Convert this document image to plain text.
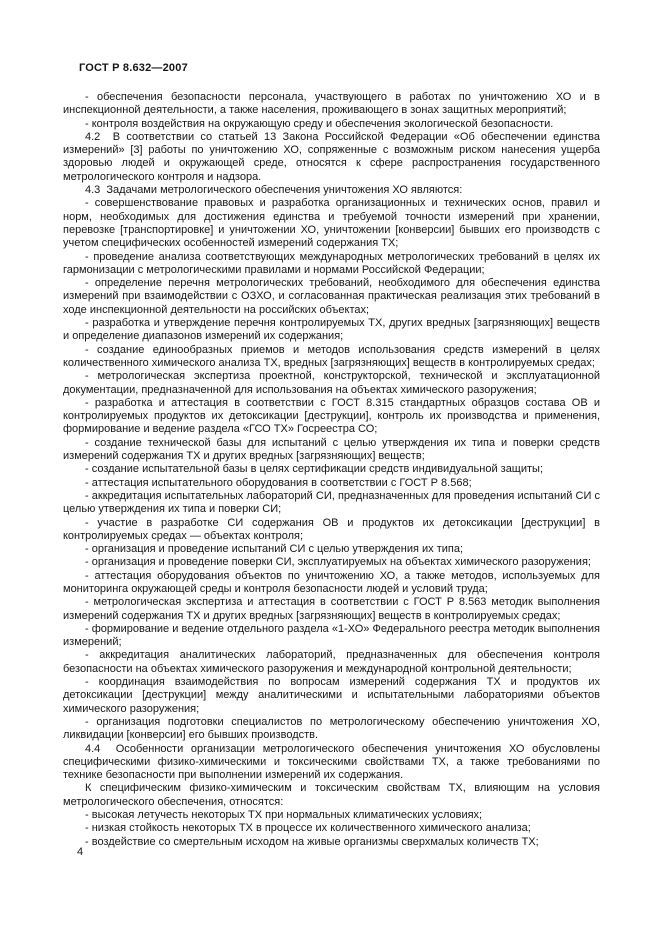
ГОСТ Р 8.632—2007

- обеспечения безопасности персонала, участвующего в работах по уничтожению ХО и в инспекционной деятельности, а также населения, проживающего в зонах защитных мероприятий;

- контроля воздействия на окружающую среду и обеспечения экологической безопасности.

4.2  В соответствии со статьей 13 Закона Российской Федерации «Об обеспечении единства измерений» [3] работы по уничтожению ХО, сопряженные с возможным риском нанесения ущерба здоровью людей и окружающей среде, относятся к сфере распространения государственного метрологического контроля и надзора.

4.3  Задачами метрологического обеспечения уничтожения ХО являются:

- совершенствование правовых и разработка организационных и технических основ, правил и норм, необходимых для достижения единства и требуемой точности измерений при хранении, перевозке [транспортировке] и уничтожении ХО, уничтожении [конверсии] бывших его производств с учетом специфических особенностей измерений содержания ТХ;

- проведение анализа соответствующих международных метрологических требований в целях их гармонизации с метрологическими правилами и нормами Российской Федерации;

- определение перечня метрологических требований, необходимого для обеспечения единства измерений при взаимодействии с ОЗХО, и согласованная практическая реализация этих требований в ходе инспекционной деятельности на российских объектах;

- разработка и утверждение перечня контролируемых ТХ, других вредных [загрязняющих] веществ и определение диапазонов измерений их содержания;

- создание единообразных приемов и методов использования средств измерений в целях количественного химического анализа ТХ, вредных [загрязняющих] веществ в контролируемых средах;

- метрологическая экспертиза проектной, конструкторской, технической и эксплуатационной документации, предназначенной для использования на объектах химического разоружения;

- разработка и аттестация в соответствии с ГОСТ 8.315 стандартных образцов состава ОВ и контролируемых продуктов их детоксикации [деструкции], контроль их производства и применения, формирование и ведение раздела «ГСО ТХ» Госреестра СО;

- создание технической базы для испытаний с целью утверждения их типа и поверки средств измерений содержания ТХ и других вредных [загрязняющих] веществ;

- создание испытательной базы в целях сертификации средств индивидуальной защиты;

- аттестация испытательного оборудования в соответствии с ГОСТ Р 8.568;

- аккредитация испытательных лабораторий СИ, предназначенных для проведения испытаний СИ с целью утверждения их типа и поверки СИ;

- участие в разработке СИ содержания ОВ и продуктов их детоксикации [деструкции] в контролируемых средах — объектах контроля;

- организация и проведение испытаний СИ с целью утверждения их типа;

- организация и проведение поверки СИ, эксплуатируемых на объектах химического разоружения;

- аттестация оборудования объектов по уничтожению ХО, а также методов, используемых для мониторинга окружающей среды и контроля безопасности людей и условий труда;

- метрологическая экспертиза и аттестация в соответствии с ГОСТ Р 8.563 методик выполнения измерений содержания ТХ и других вредных [загрязняющих] веществ в контролируемых средах;

- формирование и ведение отдельного раздела «1-ХО» Федерального реестра методик выполнения измерений;

- аккредитация аналитических лабораторий, предназначенных для обеспечения контроля безопасности на объектах химического разоружения и международной контрольной деятельности;

- координация взаимодействия по вопросам измерений содержания ТХ и продуктов их детоксикации [деструкции] между аналитическими и испытательными лабораториями объектов химического разоружения;

- организация подготовки специалистов по метрологическому обеспечению уничтожения ХО, ликвидации [конверсии] его бывших производств.

4.4  Особенности организации метрологического обеспечения уничтожения ХО обусловлены специфическими физико-химическими и токсическими свойствами ТХ, а также требованиями по технике безопасности при выполнении измерений их содержания.

К специфическим физико-химическим и токсическим свойствам ТХ, влияющим на условия метрологического обеспечения, относятся:

- высокая летучесть некоторых ТХ при нормальных климатических условиях;

- низкая стойкость некоторых ТХ в процессе их количественного химического анализа;

- воздействие со смертельным исходом на живые организмы сверхмалых количеств ТХ;

4
